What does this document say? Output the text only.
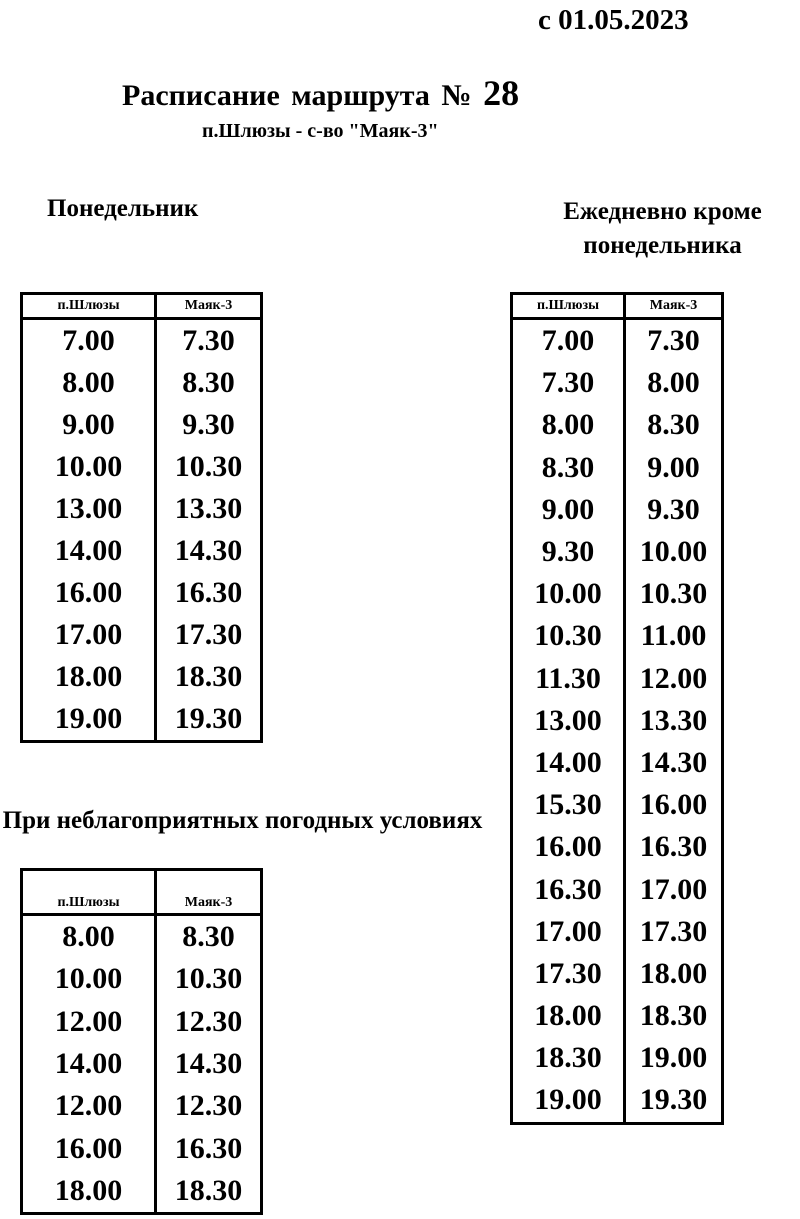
с 01.05.2023
Расписание маршрута № 28
п.Шлюзы - с-во "Маяк-3"
Понедельник	Ежедневно кроме понедельника
При неблагоприятных погодных условиях
п.Шлюзы	Маяк-3
7.00	7.30
8.00	8.30
9.00	9.30
10.00	10.30
13.00	13.30
14.00	14.30
16.00	16.30
17.00	17.30
18.00	18.30
19.00	19.30
п.Шлюзы	Маяк-3
7.00	7.30
7.30	8.00
8.00	8.30
8.30	9.00
9.00	9.30
9.30	10.00
10.00	10.30
10.30	11.00
11.30	12.00
13.00	13.30
14.00	14.30
15.30	16.00
16.00	16.30
16.30	17.00
17.00	17.30
17.30	18.00
18.00	18.30
18.30	19.00
19.00	19.30
п.Шлюзы	Маяк-3
8.00	8.30
10.00	10.30
12.00	12.30
14.00	14.30
12.00	12.30
16.00	16.30
18.00	18.30
